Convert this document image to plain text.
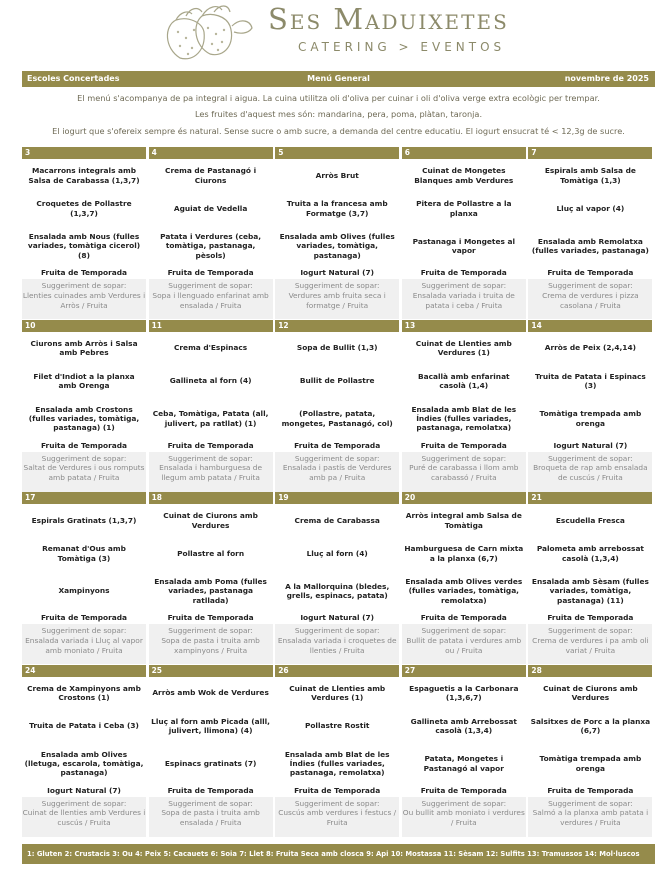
Ses Maduixetes
CATERING > EVENTOS
Menú General
Escoles Concertades	novembre de 2025
El menú s'acompanya de pa integral i aigua. La cuina utilitza oli d'oliva per cuinar i oli d'oliva verge extra ecològic per trempar.
Les fruites d'aquest mes són: mandarina, pera, poma, plàtan, taronja.
El iogurt que s'ofereix sempre és natural. Sense sucre o amb sucre, a demanda del centre educatiu. El iogurt ensucrat té < 12,3g de sucre.
3
Macarrons integrals amb Salsa de Carabassa (1,3,7)
Croquetes de Pollastre (1,3,7)
Ensalada amb Nous (fulles variades, tomàtiga cicerol) (8)
Fruita de Temporada
Suggeriment de sopar:
Llenties cuinades amb Verdures i Arròs / Fruita
4
Crema de Pastanagó i Ciurons
Aguiat de Vedella
Patata i Verdures (ceba, tomàtiga, pastanaga, pèsols)
Fruita de Temporada
Suggeriment de sopar:
Sopa i llenguado enfarinat amb ensalada / Fruita
5
Arròs Brut
Truita a la francesa amb Formatge (3,7)
Ensalada amb Olives (fulles variades, tomàtiga, pastanaga)
Iogurt Natural (7)
Suggeriment de sopar:
Verdures amb fruita seca i formatge / Fruita
6
Cuinat de Mongetes Blanques amb Verdures
Pitera de Pollastre a la planxa
Pastanaga i Mongetes al vapor
Fruita de Temporada
Suggeriment de sopar:
Ensalada variada i truita de patata i ceba / Fruita
7
Espirals amb Salsa de Tomàtiga (1,3)
Lluç al vapor (4)
Ensalada amb Remolatxa (fulles variades, pastanaga)
Fruita de Temporada
Suggeriment de sopar:
Crema de verdures i pizza casolana / Fruita
10
Ciurons amb Arròs i Salsa amb Pebres
Filet d'Indiot a la planxa amb Orenga
Ensalada amb Crostons (fulles variades, tomàtiga, pastanaga) (1)
Fruita de Temporada
Suggeriment de sopar:
Saltat de Verdures i ous romputs amb patata / Fruita
11
Crema d'Espinacs
Gallineta al forn (4)
Ceba, Tomàtiga, Patata (all, julivert, pa ratllat) (1)
Fruita de Temporada
Suggeriment de sopar:
Ensalada i hamburguesa de llegum amb patata / Fruita
12
Sopa de Bullit (1,3)
Bullit de Pollastre
(Pollastre, patata, mongetes, Pastanagó, col)
Fruita de Temporada
Suggeriment de sopar:
Ensalada i pastís de Verdures amb pa / Fruita
13
Cuinat de Llenties amb Verdures (1)
Bacallà amb enfarinat casolà (1,4)
Ensalada amb Blat de les Índies (fulles variades, pastanaga, remolatxa)
Fruita de Temporada
Suggeriment de sopar:
Puré de carabassa i llom amb carabassó / Fruita
14
Arròs de Peix (2,4,14)
Truita de Patata i Espinacs (3)
Tomàtiga trempada amb orenga
Iogurt Natural (7)
Suggeriment de sopar:
Broqueta de rap amb ensalada de cuscús / Fruita
17
Espirals Gratinats (1,3,7)
Remanat d'Ous amb Tomàtiga (3)
Xampinyons
Fruita de Temporada
Suggeriment de sopar:
Ensalada variada i Lluç al vapor amb moniato / Fruita
18
Cuinat de Ciurons amb Verdures
Pollastre al forn
Ensalada amb Poma (fulles variades, pastanaga ratllada)
Fruita de Temporada
Suggeriment de sopar:
Sopa de pasta i truita amb xampinyons / Fruita
19
Crema de Carabassa
Lluç al forn (4)
A la Mallorquina (bledes, grells, espinacs, patata)
Iogurt Natural (7)
Suggeriment de sopar:
Ensalada variada i croquetes de llenties / Fruita
20
Arròs integral amb Salsa de Tomàtiga
Hamburguesa de Carn mixta a la planxa (6,7)
Ensalada amb Olives verdes (fulles variades, tomàtiga, remolatxa)
Fruita de Temporada
Suggeriment de sopar:
Bullit de patata i verdures amb ou / Fruita
21
Escudella Fresca
Palometa amb arrebossat casolà (1,3,4)
Ensalada amb Sèsam (fulles variades, tomàtiga, pastanaga) (11)
Fruita de Temporada
Suggeriment de sopar:
Crema de verdures i pa amb oli variat / Fruita
24
Crema de Xampinyons amb Crostons (1)
Truita de Patata i Ceba (3)
Ensalada amb Olives (lletuga, escarola, tomàtiga, pastanaga)
Iogurt Natural (7)
Suggeriment de sopar:
Cuinat de llenties amb Verdures i cuscús / Fruita
25
Arròs amb Wok de Verdures
Lluç al forn amb Picada (alll, julivert, llimona) (4)
Espinacs gratinats (7)
Fruita de Temporada
Suggeriment de sopar:
Sopa de pasta i truita amb ensalada / Fruita
26
Cuinat de Llenties amb Verdures (1)
Pollastre Rostit
Ensalada amb Blat de les Índies (fulles variades, pastanaga, remolatxa)
Fruita de Temporada
Suggeriment de sopar:
Cuscús amb verdures i festucs / Fruita
27
Espaguetis a la Carbonara (1,3,6,7)
Gallineta amb Arrebossat casolà (1,3,4)
Patata, Mongetes i Pastanagó al vapor
Fruita de Temporada
Suggeriment de sopar:
Ou bullit amb moniato i verdures / Fruita
28
Cuinat de Ciurons amb Verdures
Salsitxes de Porc a la planxa (6,7)
Tomàtiga trempada amb orenga
Fruita de Temporada
Suggeriment de sopar:
Salmó a la planxa amb patata i verdures / Fruita
1: Gluten 2: Crustacis 3: Ou 4: Peix 5: Cacauets 6: Soia 7: Llet 8: Fruita Seca amb closca 9: Api 10: Mostassa 11: Sèsam 12: Sulfits 13: Tramussos 14: Mol·luscos
